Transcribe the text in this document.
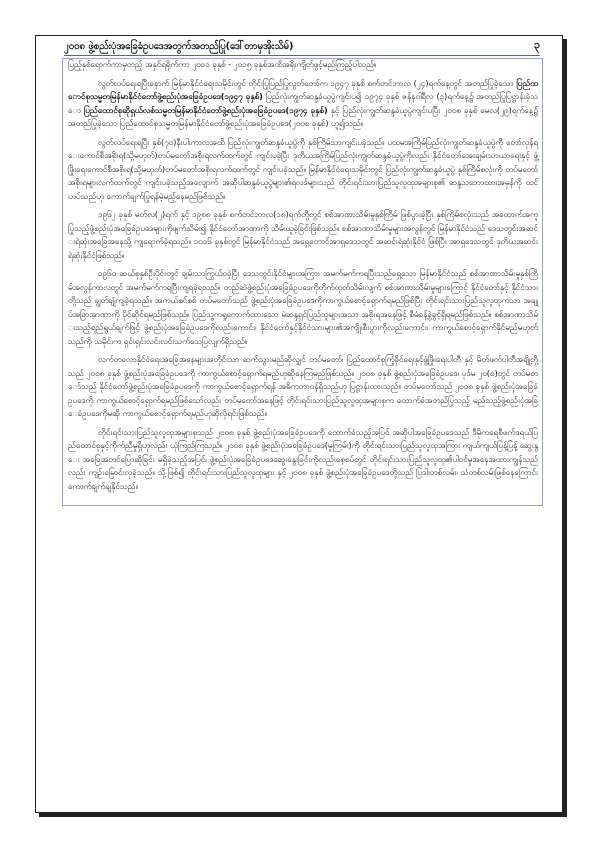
၂၀၀၈ ဖွဲ့စည်းပုံအခြေခံဥပဒေအတွက်အတည်ပြု(ဒေါ်တာမှအိုးသိမ်)	၃

ပြည့်နှစ်ရောက်ကာမှတည့် အနှင်ရရိုက်ကာ ၂၀၁၁ ခုနှစ် - ၂၀၁၅ ခုနှစ်အထိအရိုးကျိတ်ဖွင့်မည်ကြည့်ပါသည်။

လွတ်လပ်ရေးရပြီးနောက် မြန်မာနိုင်ငံရေးသမိုင်းတွင် တိုင်းပြုပြည်ပြုလွတ်တော်က ၁၉၄၇ ခုနှစ် စက်တင်ဘာလ (၂၄)ရက်နေ့တွင် အတည်ပြုခဲ့သော ပြည်ထောင်စုသမ္မတမြန်မာနိုင်ငံတော်ဖွဲ့စည်းပုံအခြေခံဥပဒေ(၁၉၄၇ ခုနှစ်) ပြည်လုံးကျွတ်ဆန္ဒခံယူပွဲကျင်းပ၍ ၁၉၇၄ ခုနှစ် ဇန်နဝါရီလ (၃)ရက်နေ့၌ အတည်ပြုပြဋ္ဌာန်းခဲ့သော ပြည်ထောင်စုဆိုရှယ်လစ်သမ္မတမြန်မာနိုင်ငံတော်ဖွဲ့စည်းပုံအခြေခံဥပဒေ(၁၉၇၄ ခုနှစ်) နှင့် ပြည်လုံးကျွတ်ဆန္ဒခံယူပွဲကျင်းပပြီး ၂၀၀၈ ခုနှစ် မေလ(၂၉)ရက်နေ့၌ အတည်ပြုခဲ့သော ပြည်ထောင်စုသမ္မတမြန်မာနိုင်ငံတော်ဖွဲ့စည်းပုံအခြေခံဥပဒေ(၂၀၀၈ ခုနှစ်) ဟူ၍သည်။

လွတ်လပ်ရေးရပြီး နှစ်(၇၀)နီးပါးကာလအထိ ပြည်လုံးကျွတ်ဆန္ဒခံယူပွဲကို နှစ်ကြိမ်သာကျင်းပခဲ့သည်။ ပထမအကြိမ်ပြည်လုံးကျွတ်ဆန္ဒခံယူပွဲကို တော်လှန်ရေးကောင်စီအစိုးရ(သို့မဟုတ်)တပ်မတော်အစိုးရလက်ထက်တွင် ကျင်းပခဲ့ပြီး ဒုတိယအကြိမ်ပြည်လုံးကျွတ်ဆန္ဒခံယူပွဲကိုလည်း နိုင်ငံတော်အေးချမ်းသာယာရေးနှင့် ဖွံ့ဖြိုးရေးကောင်စီအစိုးရ(သို့မဟုတ်)တပ်မတော်အစိုးရလက်ထက်တွင် ကျင်းပခဲ့သည်။ မြန်မာနိုင်ငံရေးသမိုင်းတွင် ပြည်လုံးကျွတ်ဆန္ဒခံယူပွဲ နှစ်ကြိမ်စလုံးကို တပ်မတော်အစိုးရများလက်ထက်တွင် ကျင်းပခဲ့သည့်အလျောက် အဆိုပါဆန္ဒခံယူပွဲများ၏ရလဒ်များသည် တိုင်းရင်းသားပြည်သူလူထုအများစု၏ ဆန္ဒသဘောထားအမှန်ကို ထင်ဟပ်သည်ဟု ကောက်ချက်ပြုရန်မဲ့မည့်နေမည်ဖြစ်သည်။

၁၉၆၂ ခုနှစ် မတ်လ(၂)ရက် နှင့် ၁၉၈၈ ခုနှစ် စက်တင်ဘာလ(၁၈)ရက်တို့တွင် စစ်အာဏာသိမ်းမှုနှစ်ကြိမ် ဖြစ်ပွားခဲ့ပြီး နှစ်ကြိမ်စလုံးသည် အထောက်အကူပြုသည့်ဖွဲ့စည်းပုံအခြေခံဥပဒေများကိုဖျက်သိမ်း၍ နိုင်ငံတော်အာဏာကို သိမ်းယူခဲ့ခြင်းဖြစ်သည်။ စစ်အာဏာသိမ်းမှုများအလွန်တွင် မြန်မာနိုင်ငံသည် ဒေသတွင်းအဆင်းရဲဆုံးအခြေအနေသို့ ကျရောက်ခဲ့ရသည်။ ၁၀၁၆ ခုနှစ်တွင် မြန်မာနိုင်ငံသည် အရှေ့တောင်အာရှဒေသတွင် အဆင်းရဲဆုံးနိုင်ငံ ဖြစ်ပြီး အာရှဒေသတွင် ဒုတိယအဆင်းရဲဆုံးနိုင်ငံဖြစ်သည်။

၁၉၆၀ ဆယ်စုနှစ်ဦးပိုင်းတွင် ချမ်းသာကြွယ်ဝခဲ့ပြီး ဒေသတွင်းနိုင်ငံများအကြား အမက်မက်ကရပြီးသည်ရှေ့သော မြန်မာနိုင်ငံသည် စစ်အာဏာသိမ်းမှုနှစ်ကြိမ်အလွန်ကာလတွင် အမက်မက်ကရပြီးကျရခဲ့ရသည်။ တည်ဆဲဖွဲ့စည်းပုံအခြေခံဥပဒေကိုတိုက်ထုတ်သိမ်းလျက် စစ်အာဏာသိမ်းမှုများကြောင့် နိုင်ငံတော်နှင့် နိုင်ငံသားတို့သည် ချွတ်ချုံကျခဲ့ရသည်။ အကယ်စင်စစ် တပ်မတော်သည် ဖွဲ့စည်းပုံအခြေခံဥပဒေကိုကာကွယ်စောင့်ရှောက်ရမည်ဖြစ်ပြီး တိုင်းရင်းသားပြည်သူလူထုကသာ အချုပ်အခြာအာဏာကို ပိုင်ဆိုင်ရမည်ဖြစ်သည်။ ပြည်သူ့ကရှုကောက်ထားသော မဲဆန္ဒရှင်ပြည်သူများအသာ အစိုးရအနေဖြင့် စီမံခန့်ခွဲခွင့်ရှိရမည်ဖြစ်သည်။ စစ်အာဏာသိမ်းသည့်ရည်ရွယ်ချက်ဖြင့် ဖွဲ့စည်းပုံအခြေခံဥပဒေကိုလည်းကောင်း၊ နိုင်ငံတော်နှင့်နိုင်ငံသားများ၏အကျိုးစီးပွားကိုလည်းကောင်း၊ ကာကွယ်စောင့်ရှောက်နိုင်မည်မဟုတ်သည်ကို သမိုင်းက ရှင်းရှင်းလင်းလင်းသက်သေပြလျက်ရှိသည်။

လက်တလောနိုင်ငံရေးအခြေအနေများအတိုင်းသာ ဆက်သွားမည်ဆိုလျှင် တပ်မတော်၊ ပြည်ထောင်စုကြံ့ခိုင်ရေးနှင့်ဖွံ့ဖြိုးရေးပါတီ နှင့် မိတ်ဖက်ပါတီအချို့တို့သည် ၂၀၀၈ ခုနှစ် ဖွဲ့စည်းပုံအခြေခံဥပဒေကို ကာကွယ်စောင့်ရှောက်ရမည်ဟုဆိုနေကြမည်ဖြစ်သည်။ ၂၀၀၈ ခုနှစ် ဖွဲ့စည်းပုံအခြေခံဥပဒေ၊ ပုဒ်မ ၂၀(စ)တွင် တပ်မတော်သည် နိုင်ငံတော်ဖွဲ့စည်းပုံအခြေခံဥပဒေကို ကာကွယ်စောင့်ရှောက်ရန် အဓိကတာဝန်ရှိသည်ဟု ပြဋ္ဌာန်းထားသည်။ တပ်မတော်သည် ၂၀၀၈ ခုနှစ် ဖွဲ့စည်းပုံအခြေခံဥပဒေကို ကာကွယ်စောင့်ရှောက်ရမည်ဖြစ်သော်လည်း တပ်မတော်အနေဖြင့် တိုင်းရင်းသားပြည်သူလူထုအများစုက ထောက်ခံအတည်ပြုသည့် မည်သည့်ဖွဲ့စည်းပုံအခြေခံဥပဒေကိုမဆို ကာကွယ်စောင့်ရှောက်ရမည်ဟုဆိုလိုရင်းဖြစ်သည်။

တိုင်းရင်းသားပြည်သူလူထုအများစုသည် ၂၀၀၈ ခုနှစ် ဖွဲ့စည်းပုံအခြေခံဥပဒေကို ထောက်ခံသည့်အပြင် အဆိုပါအခြေခံဥပဒေသည် ဒီမိုကရေစီဖက်ဒရယ်ပြည်ထောင်စုနှင့်ကိုက်ညီမှုရှိဟုလည်း ယုံကြည်ကြသည်။ ၂၀၀၈ ခုနှစ် ဖွဲ့စည်းပုံအခြေခံဥပဒေ(မူကြမ်း)ကို တိုင်းရင်းသားပြည်သူလူထုအကြား ကျယ်ကျယ်ပြန့်ပြန့် ဆွေးနွေး အခြေအတင်ပြောဆိုခြင်း မရှိခဲ့သည့်အပြင်၊ ဖွဲ့စည်းပုံအခြေခံဥပဒေဆွေးနွေးခြင်းကိုလည်းစေ့စပ်တွင် တိုင်းရင်းသားပြည်သူလူထု၏ပါဝင်မှုအနေအထားကျွန်သည်လည်း ကျဉ်းမြောင်းလှခဲ့သည်။ သို့ဖြစ်၍ တိုင်းရင်းသားပြည်သူလူထုများ နှင့် ၂၀၀၈ ခုနှစ် ဖွဲ့စည်းပုံအခြေခံဥပဒေတို့သည် ပြဒါးတစ်လမ်း၊ သံတစ်လမ်းဖြစ်နေကြောင်းကောက်ချက်ချနိုင်သည်။
